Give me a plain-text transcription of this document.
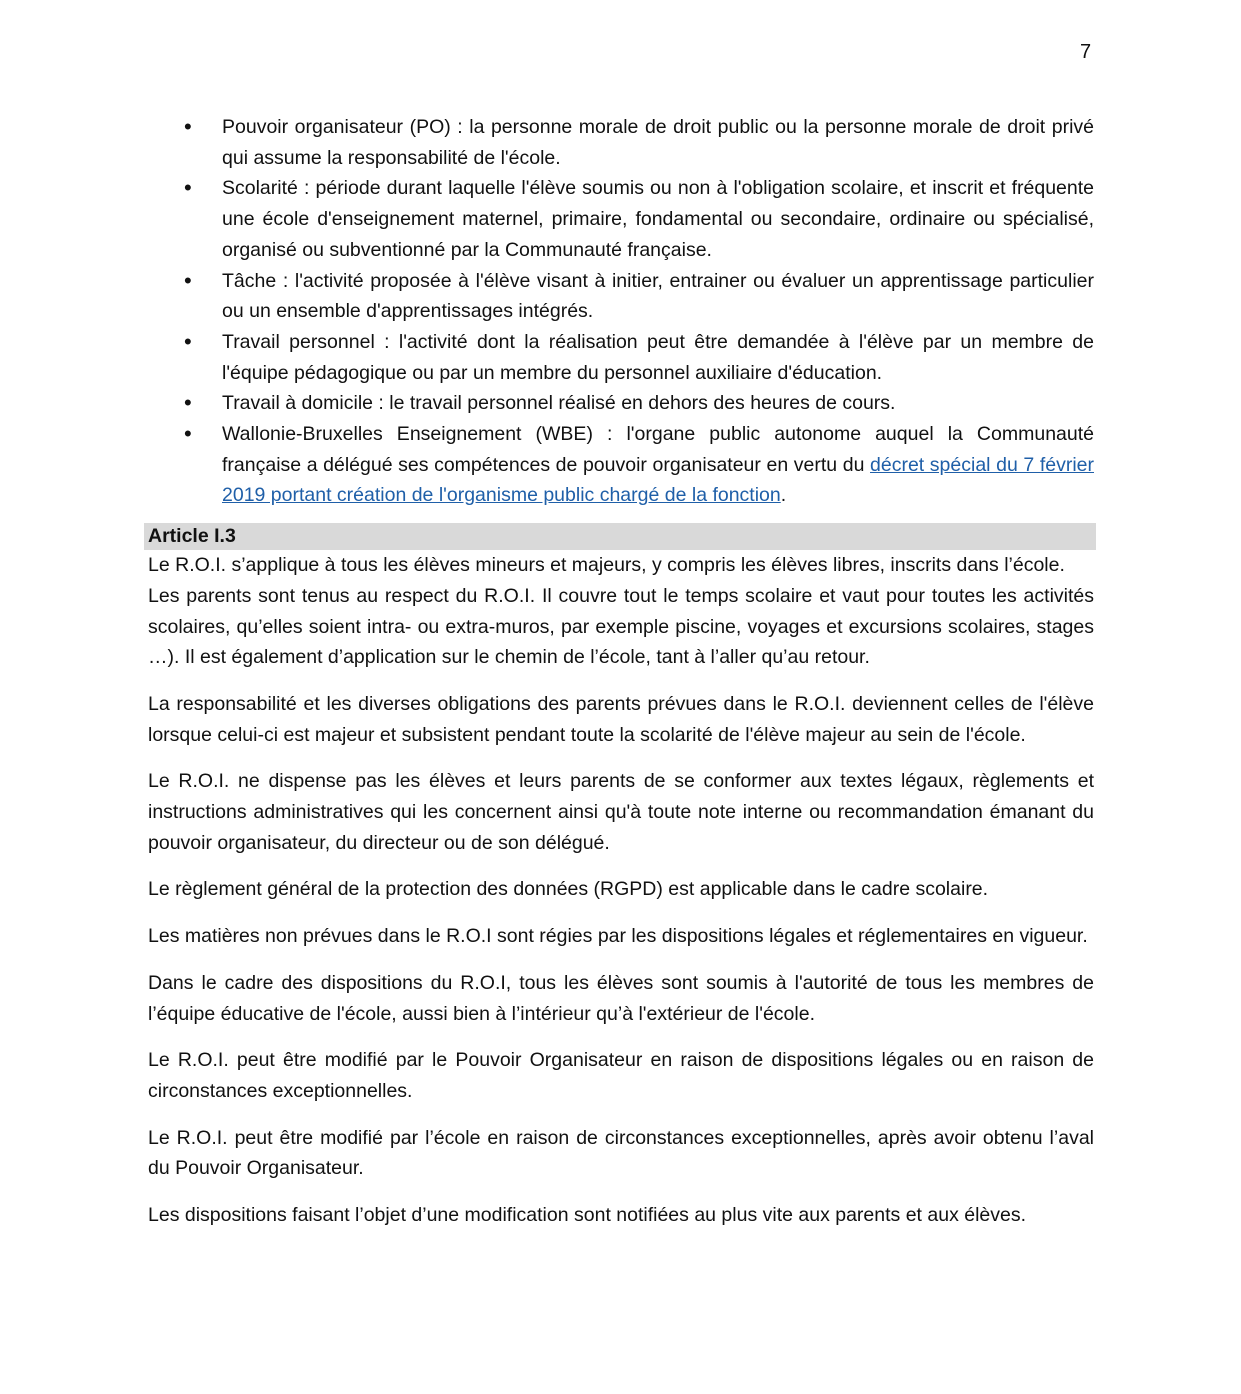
7
• Pouvoir organisateur (PO) : la personne morale de droit public ou la personne morale de droit privé qui assume la responsabilité de l'école.
• Scolarité : période durant laquelle l'élève soumis ou non à l'obligation scolaire, et inscrit et fréquente une école d'enseignement maternel, primaire, fondamental ou secondaire, ordinaire ou spécialisé, organisé ou subventionné par la Communauté française.
• Tâche : l'activité proposée à l'élève visant à initier, entrainer ou évaluer un apprentissage particulier ou un ensemble d'apprentissages intégrés.
• Travail personnel : l'activité dont la réalisation peut être demandée à l'élève par un membre de l'équipe pédagogique ou par un membre du personnel auxiliaire d'éducation.
• Travail à domicile : le travail personnel réalisé en dehors des heures de cours.
• Wallonie-Bruxelles Enseignement (WBE) : l'organe public autonome auquel la Communauté française a délégué ses compétences de pouvoir organisateur en vertu du décret spécial du 7 février 2019 portant création de l'organisme public chargé de la fonction.
Article I.3

Le R.O.I. s’applique à tous les élèves mineurs et majeurs, y compris les élèves libres, inscrits dans l’école.

Les parents sont tenus au respect du R.O.I. Il couvre tout le temps scolaire et vaut pour toutes les activités scolaires, qu’elles soient intra- ou extra-muros, par exemple piscine, voyages et excursions scolaires, stages …). Il est également d’application sur le chemin de l’école, tant à l’aller qu’au retour.

La responsabilité et les diverses obligations des parents prévues dans le R.O.I. deviennent celles de l'élève lorsque celui-ci est majeur et subsistent pendant toute la scolarité de l'élève majeur au sein de l'école.

Le R.O.I. ne dispense pas les élèves et leurs parents de se conformer aux textes légaux, règlements et instructions administratives qui les concernent ainsi qu'à toute note interne ou recommandation émanant du pouvoir organisateur, du directeur ou de son délégué.

Le règlement général de la protection des données (RGPD) est applicable dans le cadre scolaire.

Les matières non prévues dans le R.O.I sont régies par les dispositions légales et réglementaires en vigueur.

Dans le cadre des dispositions du R.O.I, tous les élèves sont soumis à l'autorité de tous les membres de l’équipe éducative de l'école, aussi bien à l’intérieur qu’à l'extérieur de l'école.

Le R.O.I. peut être modifié par le Pouvoir Organisateur en raison de dispositions légales ou en raison de circonstances exceptionnelles.

Le R.O.I. peut être modifié par l’école en raison de circonstances exceptionnelles, après avoir obtenu l’aval du Pouvoir Organisateur.

Les dispositions faisant l’objet d’une modification sont notifiées au plus vite aux parents et aux élèves.
